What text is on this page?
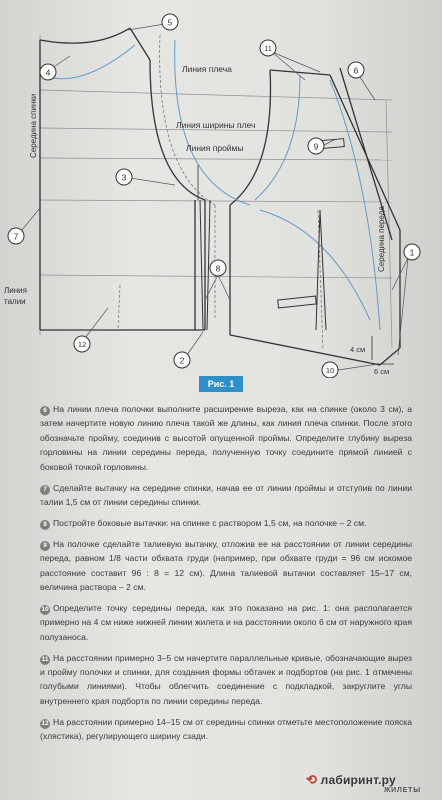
Линия плеча
Линия ширины плеч
Линия проймы
Середина спинки
Середина переда
Линия
талии
4 см
6 см
5
4
11
6
9
3
7
8
1
12
2
10
Рис. 1

6 На линии плеча полочки выполните расширение выреза, как на спинке (около 3 см), а затем начертите новую линию плеча такой же длины, как линия плеча спинки. После этого обозначьте пройму, соединив с высотой опущенной проймы. Определите глубину выреза горловины на линии середины переда, полученную точку соедините прямой линией с боковой точкой горловины.

7 Сделайте вытачку на середине спинки, начав ее от линии проймы и отступив по линии талии 1,5 см от линии середины спинки.

8 Постройте боковые вытачки: на спинке с раствором 1,5 см, на полочке – 2 см.

9 На полочке сделайте талиевую вытачку, отложив ее на расстоянии от линии середины переда, равном 1/8 части обхвата груди (например, при обхвате груди = 96 см искомое расстояние составит 96 : 8 = 12 см). Длина талиевой вытачки составляет 15–17 см, величина раствора – 2 см.

10 Определите точку середины переда, как это показано на рис. 1: она располагается примерно на 4 см ниже нижней линии жилета и на расстоянии около 6 см от наружного края полузаноса.

11 На расстоянии примерно 3–5 см начертите параллельные кривые, обозначающие вырез и пройму полочки и спинки, для создания формы обтачек и подбортов (на рис. 1 отмечены голубыми линиями). Чтобы облегчить соединение с подкладкой, закруглите углы внутреннего края подборта по линии середины переда.

12 На расстоянии примерно 14–15 см от середины спинки отметьте местоположение пояска (хлястика), регулирующего ширину сзади.

⟲ лабиринт.ру
ЖИЛЕТЫ
